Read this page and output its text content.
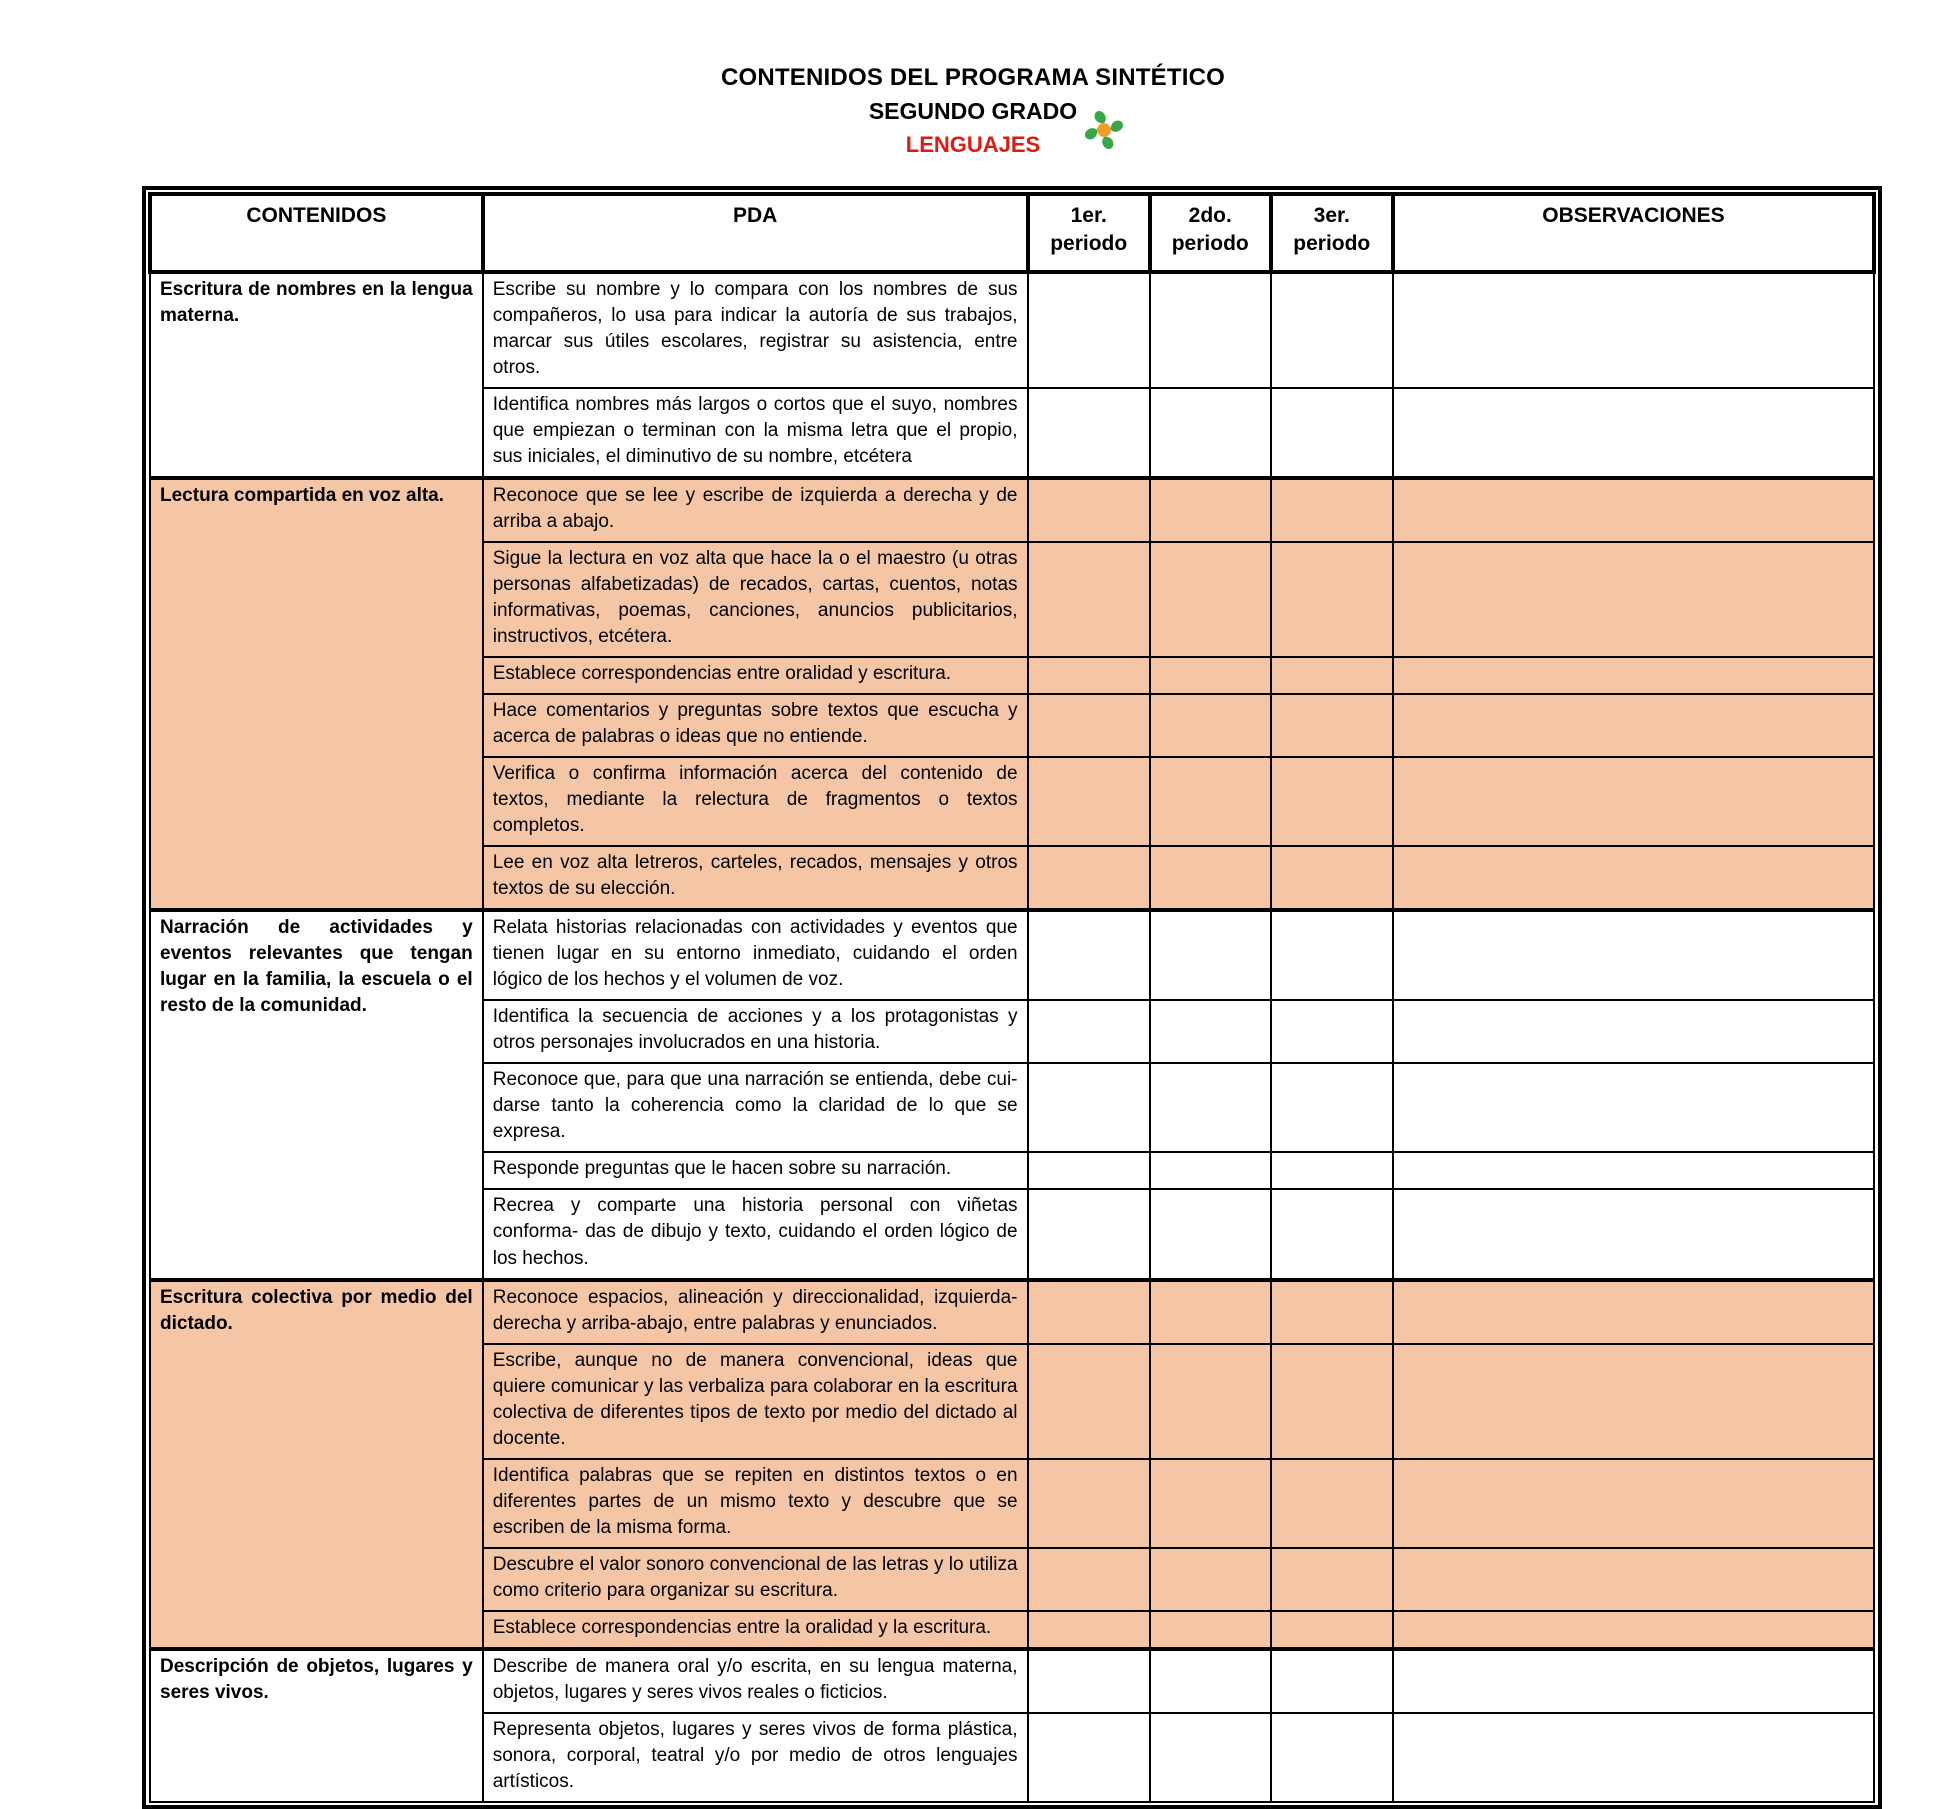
CONTENIDOS DEL PROGRAMA SINTÉTICO
SEGUNDO GRADO
LENGUAJES
CONTENIDOS	PDA	1er. periodo	2do. periodo	3er. periodo	OBSERVACIONES
Escritura de nombres en la lengua materna.	Escribe su nombre y lo compara con los nombres de sus compañeros, lo usa para indicar la autoría de sus trabajos, marcar sus útiles escolares, registrar su asistencia, entre otros.				
	Identifica nombres más largos o cortos que el suyo, nombres que empiezan o terminan con la misma letra que el propio, sus iniciales, el diminutivo de su nombre, etcétera				
Lectura compartida en voz alta.	Reconoce que se lee y escribe de izquierda a derecha y de arriba a abajo.				
	Sigue la lectura en voz alta que hace la o el maestro (u otras personas alfabetizadas) de recados, cartas, cuentos, notas informativas, poemas, canciones, anuncios publicitarios, instructivos, etcétera.				
	Establece correspondencias entre oralidad y escritura.				
	Hace comentarios y preguntas sobre textos que escucha y acerca de palabras o ideas que no entiende.				
	Verifica o confirma información acerca del contenido de textos, mediante la relectura de fragmentos o textos completos.				
	Lee en voz alta letreros, carteles, recados, mensajes y otros textos de su elección.				
Narración de actividades y eventos relevantes que tengan lugar en la familia, la escuela o el resto de la comunidad.	Relata historias relacionadas con actividades y eventos que tienen lugar en su entorno inmediato, cuidando el orden lógico de los hechos y el volumen de voz.				
	Identifica la secuencia de acciones y a los protagonistas y otros personajes involucrados en una historia.				
	Reconoce que, para que una narración se entienda, debe cui- darse tanto la coherencia como la claridad de lo que se expresa.				
	Responde preguntas que le hacen sobre su narración.				
	Recrea y comparte una historia personal con viñetas conforma- das de dibujo y texto, cuidando el orden lógico de los hechos.				
Escritura colectiva por medio del dictado.	Reconoce espacios, alineación y direccionalidad, izquierda-derecha y arriba-abajo, entre palabras y enunciados.				
	Escribe, aunque no de manera convencional, ideas que quiere comunicar y las verbaliza para colaborar en la escritura colectiva de diferentes tipos de texto por medio del dictado al docente.				
	Identifica palabras que se repiten en distintos textos o en diferentes partes de un mismo texto y descubre que se escriben de la misma forma.				
	Descubre el valor sonoro convencional de las letras y lo utiliza como criterio para organizar su escritura.				
	Establece correspondencias entre la oralidad y la escritura.				
Descripción de objetos, lugares y seres vivos.	Describe de manera oral y/o escrita, en su lengua materna, objetos, lugares y seres vivos reales o ficticios.				
	Representa objetos, lugares y seres vivos de forma plástica, sonora, corporal, teatral y/o por medio de otros lenguajes artísticos.				
